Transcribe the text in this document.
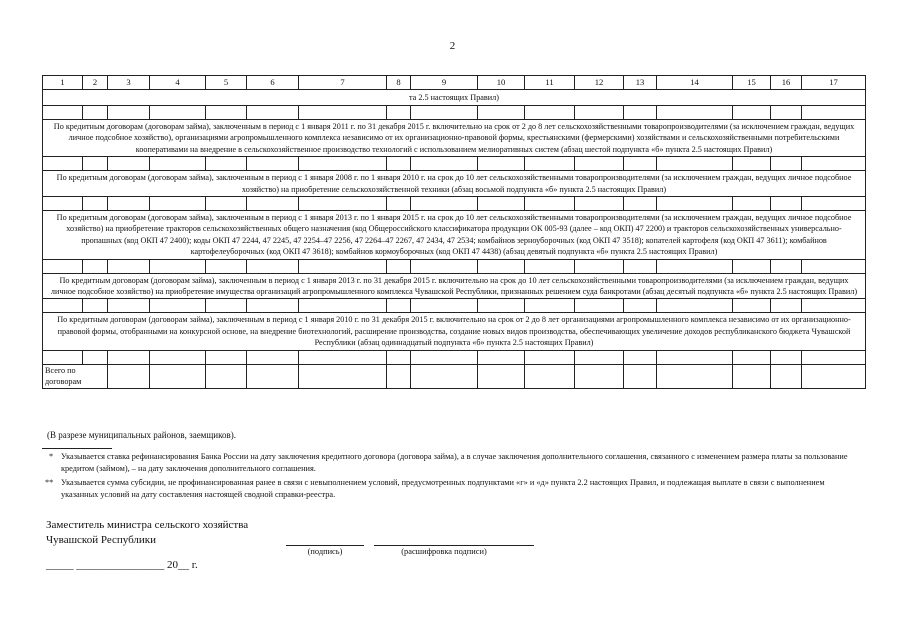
2
1	2	3	4	5	6	7	8	9	10	11	12	13	14	15	16	17
та 2.5 настоящих Правил)																

По кредитным договорам (договорам займа), заключенным в период с 1 января 2011 г. по 31 декабря 2015 г. включительно на срок от 2 до 8 лет сельскохозяйственными товаропроизводителями (за исключением граждан, ведущих личное подсобное хозяйство), организациями агропромышленного комплекса независимо от их организационно-правовой формы, крестьянскими (фермерскими) хозяйствами и сельскохозяйственными потребительскими кооперативами на внедрение в сельскохозяйственное производство технологий с использованием мелиоративных систем (абзац шестой подпункта «б» пункта 2.5 настоящих Правил)																

По кредитным договорам (договорам займа), заключенным в период с 1 января 2008 г. по 1 января 2010 г. на срок до 10 лет сельскохозяйственными товаропроизводителями (за исключением граждан, ведущих личное подсобное хозяйство) на приобретение сельскохозяйственной техники (абзац восьмой подпункта «б» пункта 2.5 настоящих Правил)																

По кредитным договорам (договорам займа), заключенным в период с 1 января 2013 г. по 1 января 2015 г. на срок до 10 лет сельскохозяйственными товаропроизводителями (за исключением граждан, ведущих личное подсобное хозяйство) на приобретение тракторов сельскохозяйственных общего назначения (код Общероссийского классификатора продукции ОК 005-93 (далее – код ОКП) 47 2200) и тракторов сельскохозяйственных универсально-пропашных (код ОКП 47 2400); коды ОКП 47 2244, 47 2245, 47 2254–47 2256, 47 2264–47 2267, 47 2434, 47 2534; комбайнов зерноуборочных (код ОКП 47 3518); копателей картофеля (код ОКП 47 3611); комбайнов картофелеуборочных (код ОКП 47 3618); комбайнов кормоуборочных (код ОКП 47 4438) (абзац девятый подпункта «б» пункта 2.5 настоящих Правил)																

По кредитным договорам (договорам займа), заключенным в период с 1 января 2013 г. по 31 декабря 2015 г. включительно на срок до 10 лет сельскохозяйственными товаропроизводителями (за исключением граждан, ведущих личное подсобное хозяйство) на приобретение имущества организаций агропромышленного комплекса Чувашской Республики, признанных решением суда банкротами (абзац десятый подпункта «б» пункта 2.5 настоящих Правил)																

По кредитным договорам (договорам займа), заключенным в период с 1 января 2010 г. по 31 декабря 2015 г. включительно на срок от 2 до 8 лет организациями агропромышленного комплекса независимо от их организационно-правовой формы, отобранными на конкурсной основе, на внедрение биотехнологий, расширение производства, создание новых видов производства, обеспечивающих увеличение доходов республиканского бюджета Чувашской Республики (абзац одиннадцатый подпункта «б» пункта 2.5 настоящих Правил)																

Всего по договорам																
(В разрезе муниципальных районов, заемщиков).
* Указывается ставка рефинансирования Банка России на дату заключения кредитного договора (договора займа), а в случае заключения дополнительного соглашения, связанного с изменением размера платы за пользование кредитом (займом), – на дату заключения дополнительного соглашения.
** Указывается сумма субсидии, не профинансированная ранее в связи с невыполнением условий, предусмотренных подпунктами «г» и «д» пункта 2.2 настоящих Правил, и подлежащая выплате в связи с выполнением указанных условий на дату составления настоящей сводной справки-реестра.
Заместитель министра сельского хозяйства
Чувашской Республики
(подпись)	(расшифровка подписи)
_____ ________________ 20__ г.
